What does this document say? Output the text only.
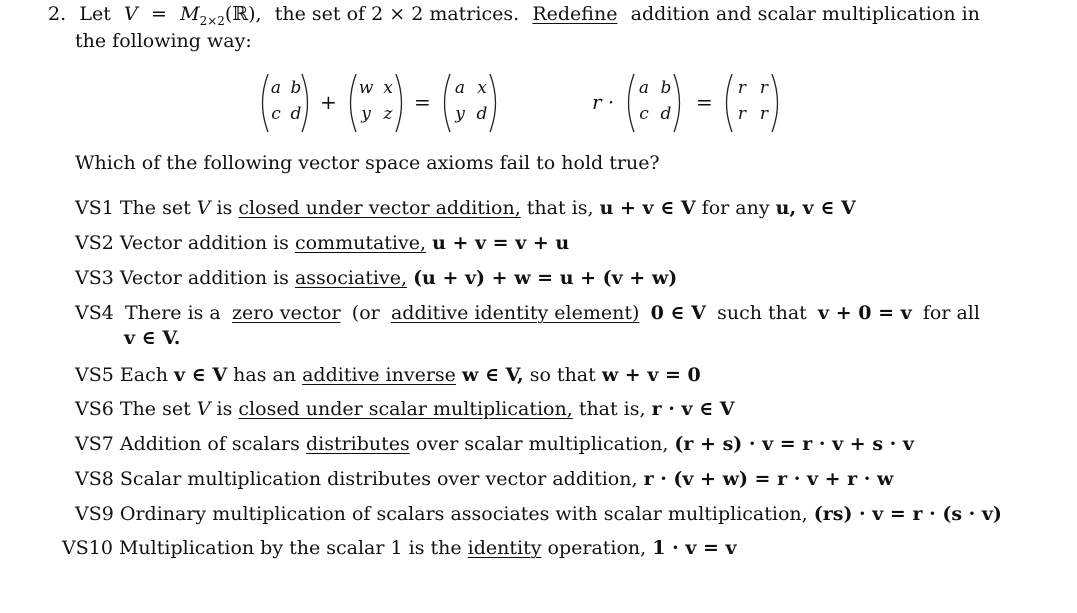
2. Let $V = M_{2\times 2}(ℝ)$, the set of 2 × 2 matrices. Redefine addition and scalar multiplication in
the following way:
a b
c d +
w x
y z =
a x
y d	r ·
a b
c d =
r r
r r
Which of the following vector space axioms fail to hold true?
VS1 The set V is closed under vector addition, that is, u + v ∈ V for any u, v ∈ V
VS2 Vector addition is commutative, u + v = v + u
VS3 Vector addition is associative, (u + v) + w = u + (v + w)
VS4 There is a zero vector (or additive identity element) 0 ∈ V such that v + 0 = v for all
v ∈ V.
VS5 Each v ∈ V has an additive inverse w ∈ V, so that w + v = 0
VS6 The set V is closed under scalar multiplication, that is, r · v ∈ V
VS7 Addition of scalars distributes over scalar multiplication, (r + s) · v = r · v + s · v
VS8 Scalar multiplication distributes over vector addition, r · (v + w) = r · v + r · w
VS9 Ordinary multiplication of scalars associates with scalar multiplication, (rs) · v = r · (s · v)
VS10 Multiplication by the scalar 1 is the identity operation, 1 · v = v
